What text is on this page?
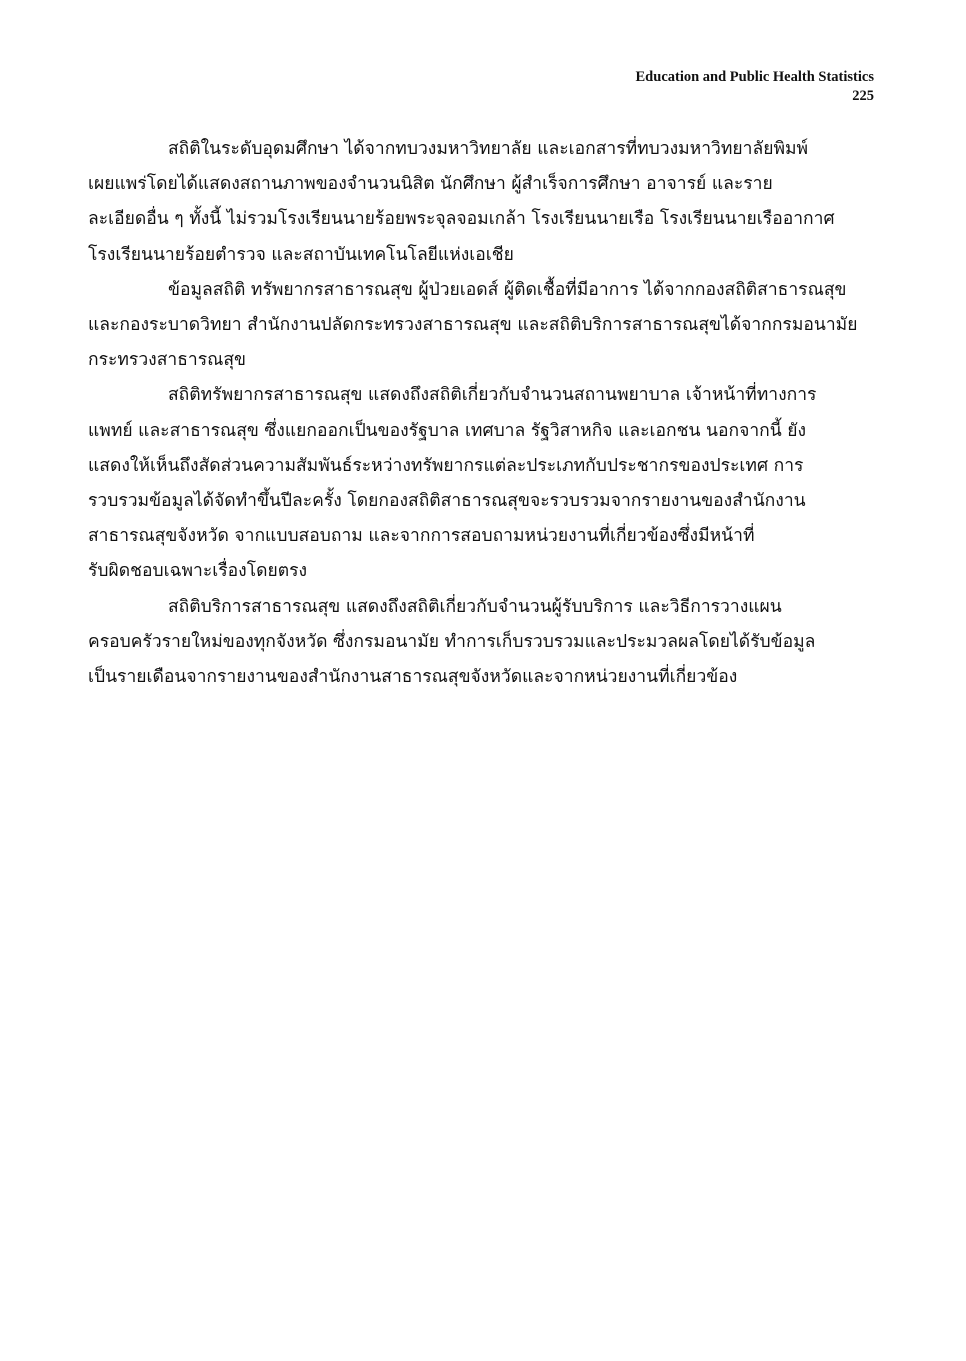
Education and Public Health Statistics
225

สถิติในระดับอุดมศึกษา ได้จากทบวงมหาวิทยาลัย และเอกสารที่ทบวงมหาวิทยาลัยพิมพ์
เผยแพร่โดยได้แสดงสถานภาพของจำนวนนิสิต นักศึกษา ผู้สำเร็จการศึกษา อาจารย์ และราย
ละเอียดอื่น ๆ ทั้งนี้ ไม่รวมโรงเรียนนายร้อยพระจุลจอมเกล้า โรงเรียนนายเรือ โรงเรียนนายเรืออากาศ
โรงเรียนนายร้อยตำรวจ และสถาบันเทคโนโลยีแห่งเอเชีย

ข้อมูลสถิติ ทรัพยากรสาธารณสุข ผู้ป่วยเอดส์ ผู้ติดเชื้อที่มีอาการ ได้จากกองสถิติสาธารณสุข
และกองระบาดวิทยา สำนักงานปลัดกระทรวงสาธารณสุข และสถิติบริการสาธารณสุขได้จากกรมอนามัย
กระทรวงสาธารณสุข

สถิติทรัพยากรสาธารณสุข แสดงถึงสถิติเกี่ยวกับจำนวนสถานพยาบาล เจ้าหน้าที่ทางการ
แพทย์ และสาธารณสุข ซึ่งแยกออกเป็นของรัฐบาล เทศบาล รัฐวิสาหกิจ และเอกชน นอกจากนี้ ยัง
แสดงให้เห็นถึงสัดส่วนความสัมพันธ์ระหว่างทรัพยากรแต่ละประเภทกับประชากรของประเทศ การ
รวบรวมข้อมูลได้จัดทำขึ้นปีละครั้ง โดยกองสถิติสาธารณสุขจะรวบรวมจากรายงานของสำนักงาน
สาธารณสุขจังหวัด จากแบบสอบถาม และจากการสอบถามหน่วยงานที่เกี่ยวข้องซึ่งมีหน้าที่
รับผิดชอบเฉพาะเรื่องโดยตรง

สถิติบริการสาธารณสุข แสดงถึงสถิติเกี่ยวกับจำนวนผู้รับบริการ และวิธีการวางแผน
ครอบครัวรายใหม่ของทุกจังหวัด ซึ่งกรมอนามัย ทำการเก็บรวบรวมและประมวลผลโดยได้รับข้อมูล
เป็นรายเดือนจากรายงานของสำนักงานสาธารณสุขจังหวัดและจากหน่วยงานที่เกี่ยวข้อง
